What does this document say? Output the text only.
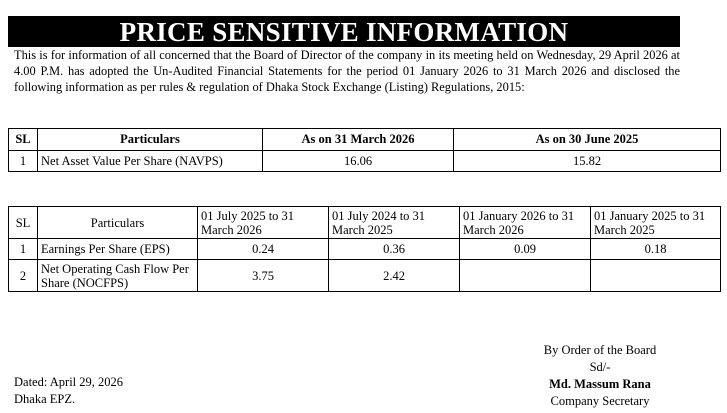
PRICE SENSITIVE INFORMATION
This is for information of all concerned that the Board of Director of the company in its meeting held on Wednesday, 29 April 2026 at 4.00 P.M. has adopted the Un-Audited Financial Statements for the period 01 January 2026 to 31 March 2026 and disclosed the following information as per rules & regulation of Dhaka Stock Exchange (Listing) Regulations, 2015:
SL	Particulars	As on 31 March 2026	As on 30 June 2025
1	Net Asset Value Per Share (NAVPS)	16.06	15.82
SL	Particulars	01 July 2025 to 31 March 2026	01 July 2024 to 31 March 2025	01 January 2026 to 31 March 2026	01 January 2025 to 31 March 2025
1	Earnings Per Share (EPS)	0.24	0.36	0.09	0.18
2	Net Operating Cash Flow Per Share (NOCFPS)	3.75	2.42		
Dated: April 29, 2026
Dhaka EPZ.
By Order of the Board
Sd/-
Md. Massum Rana
Company Secretary
